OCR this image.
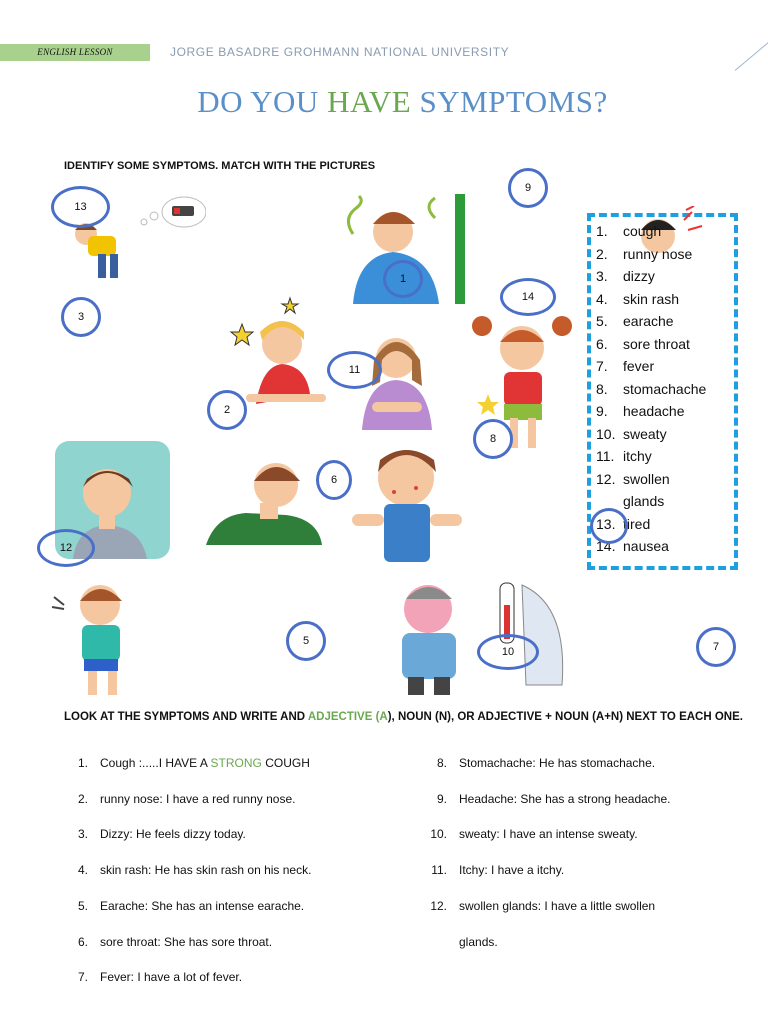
ENGLISH LESSON	JORGE BASADRE GROHMANN NATIONAL UNIVERSITY
DO YOU HAVE SYMPTOMS?
IDENTIFY SOME SYMPTOMS. MATCH WITH THE PICTURES
1. cough
2. runny nose
3. dizzy
4. skin rash
5. earache
6. sore throat
7. fever
8. stomachache
9. headache
10. sweaty
11. itchy
12. swollen
glands
13. tired
14. nausea
13
9
1
14
3
11
2
8
6
12
5
10	7
LOOK AT THE SYMPTOMS AND WRITE AND ADJECTIVE (A), NOUN (N), OR ADJECTIVE + NOUN (A+N) NEXT TO EACH ONE.
1. Cough :.....I HAVE A STRONG COUGH
2. runny nose: I have a red runny nose.
3. Dizzy: He feels dizzy today.
4. skin rash: He has skin rash on his neck.
5. Earache: She has an intense earache.
6. sore throat: She has sore throat.
7. Fever: I have a lot of fever.
8. Stomachache: He has stomachache.
9. Headache: She has a strong headache.
10. sweaty: I have an intense sweaty.
11. Itchy: I have a itchy.
12. swollen glands: I have a little swollen
glands.
